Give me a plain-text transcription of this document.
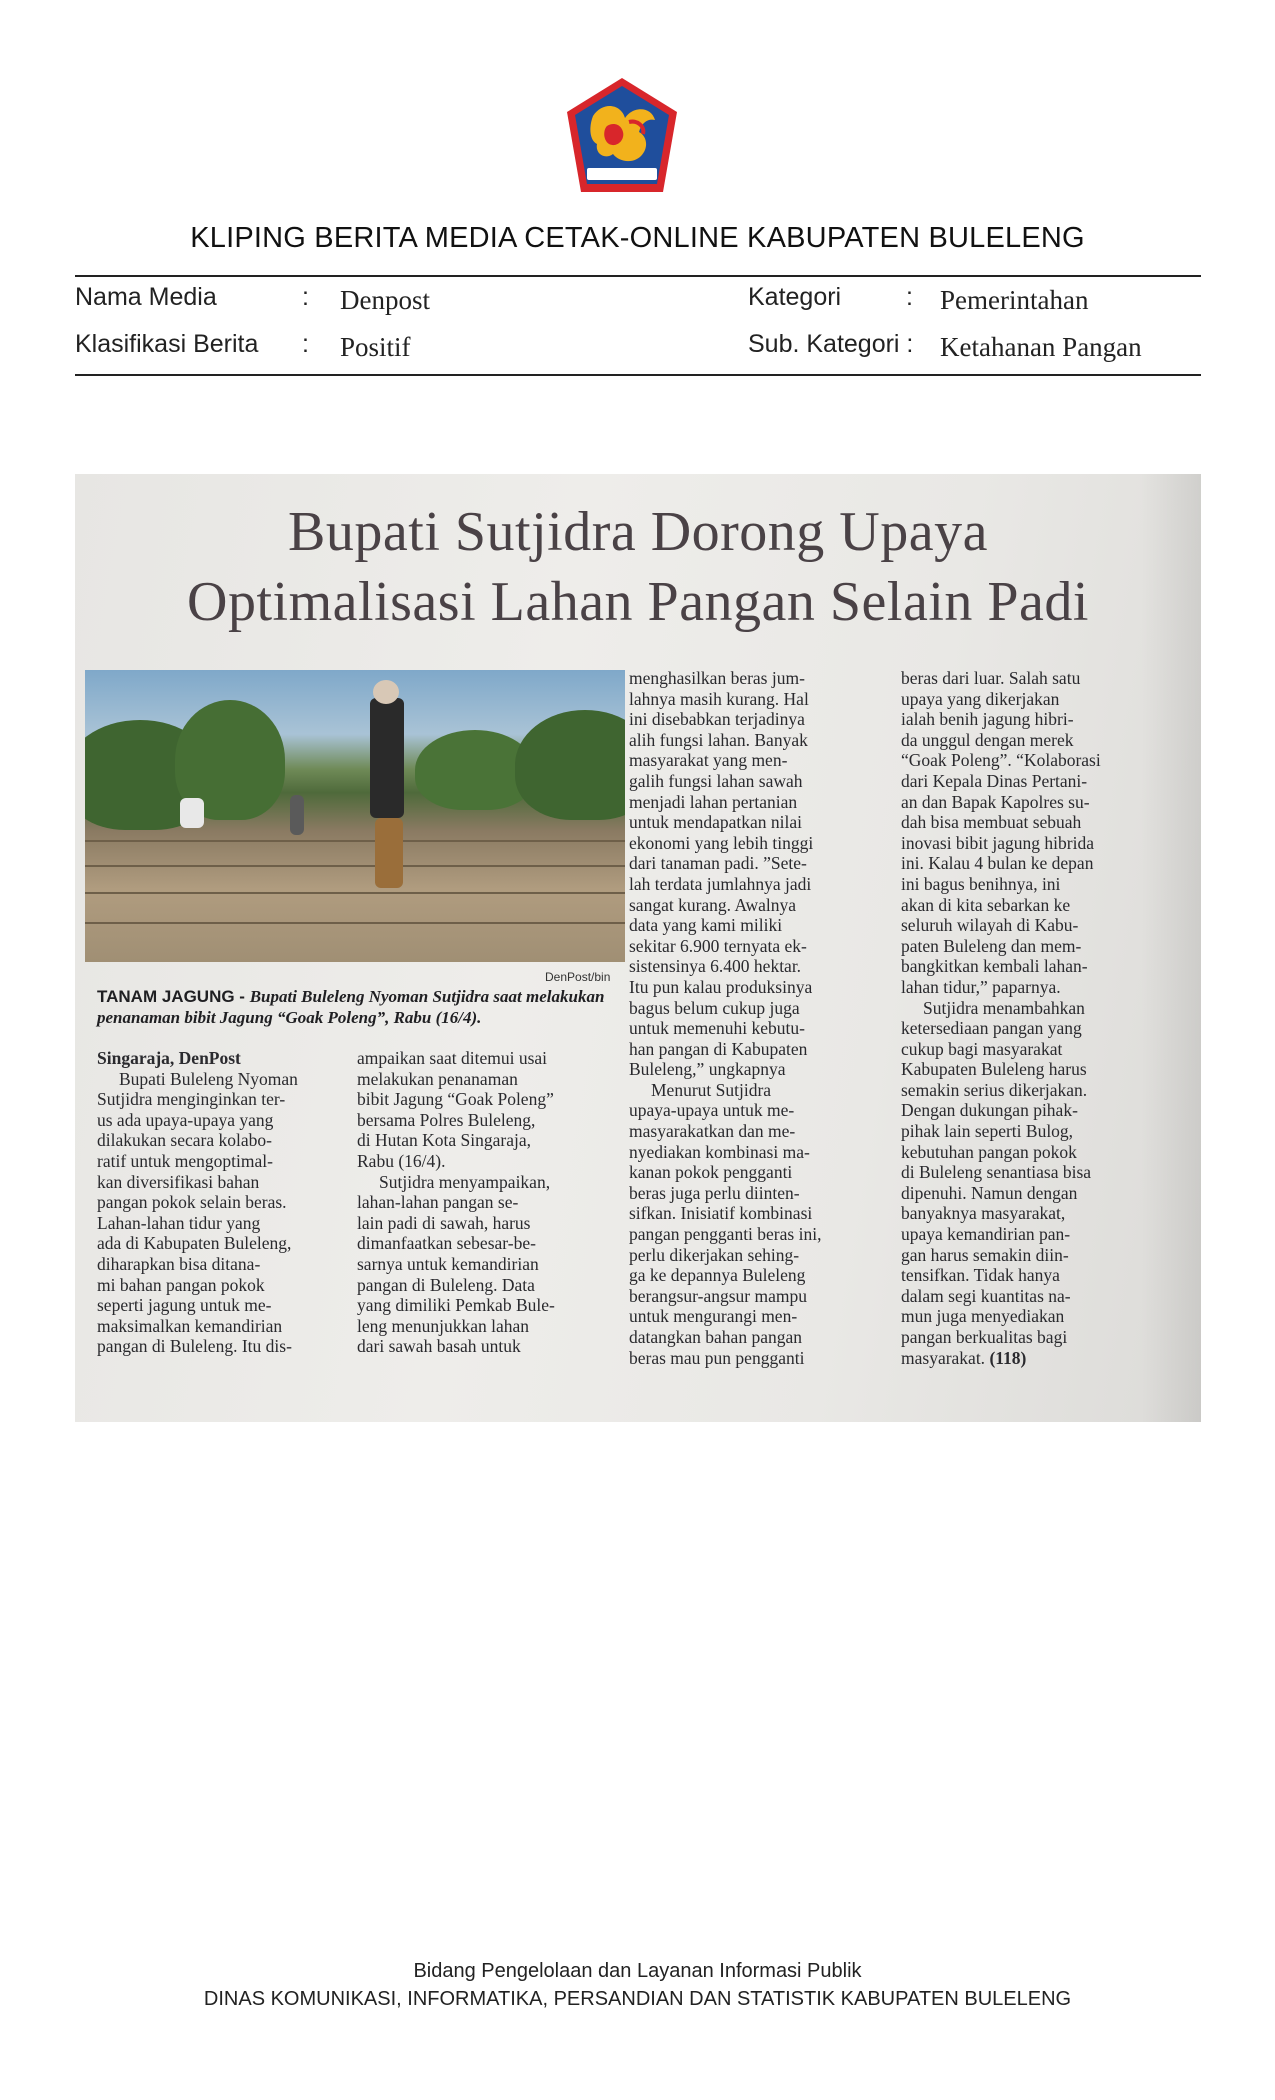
KLIPING BERITA MEDIA CETAK-ONLINE KABUPATEN BULELENG
Nama Media	: Denpost	Kategori	: Pemerintahan
Klasifikasi Berita : Positif	Sub. Kategori : Ketahanan Pangan
Bupati Sutjidra Dorong Upaya
Optimalisasi Lahan Pangan Selain Padi
DenPost/bin
TANAM JAGUNG - Bupati Buleleng Nyoman Sutjidra saat melakukan penanaman bibit Jagung “Goak Poleng”, Rabu (16/4).
Singaraja, DenPost
Bupati Buleleng Nyoman
Sutjidra menginginkan ter-
us ada upaya-upaya yang
dilakukan secara kolabo-
ratif untuk mengoptimal-
kan diversifikasi bahan
pangan pokok selain beras.
Lahan-lahan tidur yang
ada di Kabupaten Buleleng,
diharapkan bisa ditana-
mi bahan pangan pokok
seperti jagung untuk me-
maksimalkan kemandirian
pangan di Buleleng. Itu dis-
ampaikan saat ditemui usai
melakukan penanaman
bibit Jagung “Goak Poleng”
bersama Polres Buleleng,
di Hutan Kota Singaraja,
Rabu (16/4).
Sutjidra menyampaikan,
lahan-lahan pangan se-
lain padi di sawah, harus
dimanfaatkan sebesar-be-
sarnya untuk kemandirian
pangan di Buleleng. Data
yang dimiliki Pemkab Bule-
leng menunjukkan lahan
dari sawah basah untuk
menghasilkan beras jum-
lahnya masih kurang. Hal
ini disebabkan terjadinya
alih fungsi lahan. Banyak
masyarakat yang men-
galih fungsi lahan sawah
menjadi lahan pertanian
untuk mendapatkan nilai
ekonomi yang lebih tinggi
dari tanaman padi. ”Sete-
lah terdata jumlahnya jadi
sangat kurang. Awalnya
data yang kami miliki
sekitar 6.900 ternyata ek-
sistensinya 6.400 hektar.
Itu pun kalau produksinya
bagus belum cukup juga
untuk memenuhi kebutu-
han pangan di Kabupaten
Buleleng,” ungkapnya
Menurut Sutjidra
upaya-upaya untuk me-
masyarakatkan dan me-
nyediakan kombinasi ma-
kanan pokok pengganti
beras juga perlu diinten-
sifkan. Inisiatif kombinasi
pangan pengganti beras ini,
perlu dikerjakan sehing-
ga ke depannya Buleleng
berangsur-angsur mampu
untuk mengurangi men-
datangkan bahan pangan
beras mau pun pengganti
beras dari luar. Salah satu
upaya yang dikerjakan
ialah benih jagung hibri-
da unggul dengan merek
“Goak Poleng”. “Kolaborasi
dari Kepala Dinas Pertani-
an dan Bapak Kapolres su-
dah bisa membuat sebuah
inovasi bibit jagung hibrida
ini. Kalau 4 bulan ke depan
ini bagus benihnya, ini
akan di kita sebarkan ke
seluruh wilayah di Kabu-
paten Buleleng dan mem-
bangkitkan kembali lahan-
lahan tidur,” paparnya.
Sutjidra menambahkan
ketersediaan pangan yang
cukup bagi masyarakat
Kabupaten Buleleng harus
semakin serius dikerjakan.
Dengan dukungan pihak-
pihak lain seperti Bulog,
kebutuhan pangan pokok
di Buleleng senantiasa bisa
dipenuhi. Namun dengan
banyaknya masyarakat,
upaya kemandirian pan-
gan harus semakin diin-
tensifkan. Tidak hanya
dalam segi kuantitas na-
mun juga menyediakan
pangan berkualitas bagi
masyarakat. (118)
Bidang Pengelolaan dan Layanan Informasi Publik
DINAS KOMUNIKASI, INFORMATIKA, PERSANDIAN DAN STATISTIK KABUPATEN BULELENG
